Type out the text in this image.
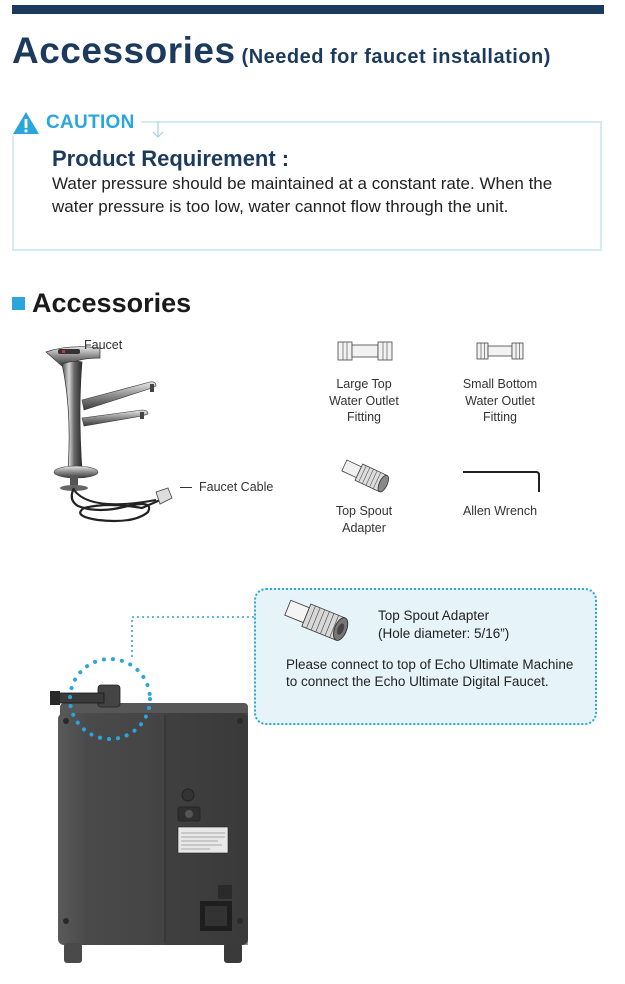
Accessories (Needed for faucet installation)
CAUTION
Product Requirement :
Water pressure should be maintained at a constant rate. When the water pressure is too low, water cannot flow through the unit.
Accessories
Faucet
Faucet Cable
Large Top
Water Outlet
Fitting
Small Bottom
Water Outlet
Fitting
Top Spout
Adapter
Allen Wrench
Top Spout Adapter
(Hole diameter: 5/16”)
Please connect to top of Echo Ultimate Machine to connect the Echo Ultimate Digital Faucet.
